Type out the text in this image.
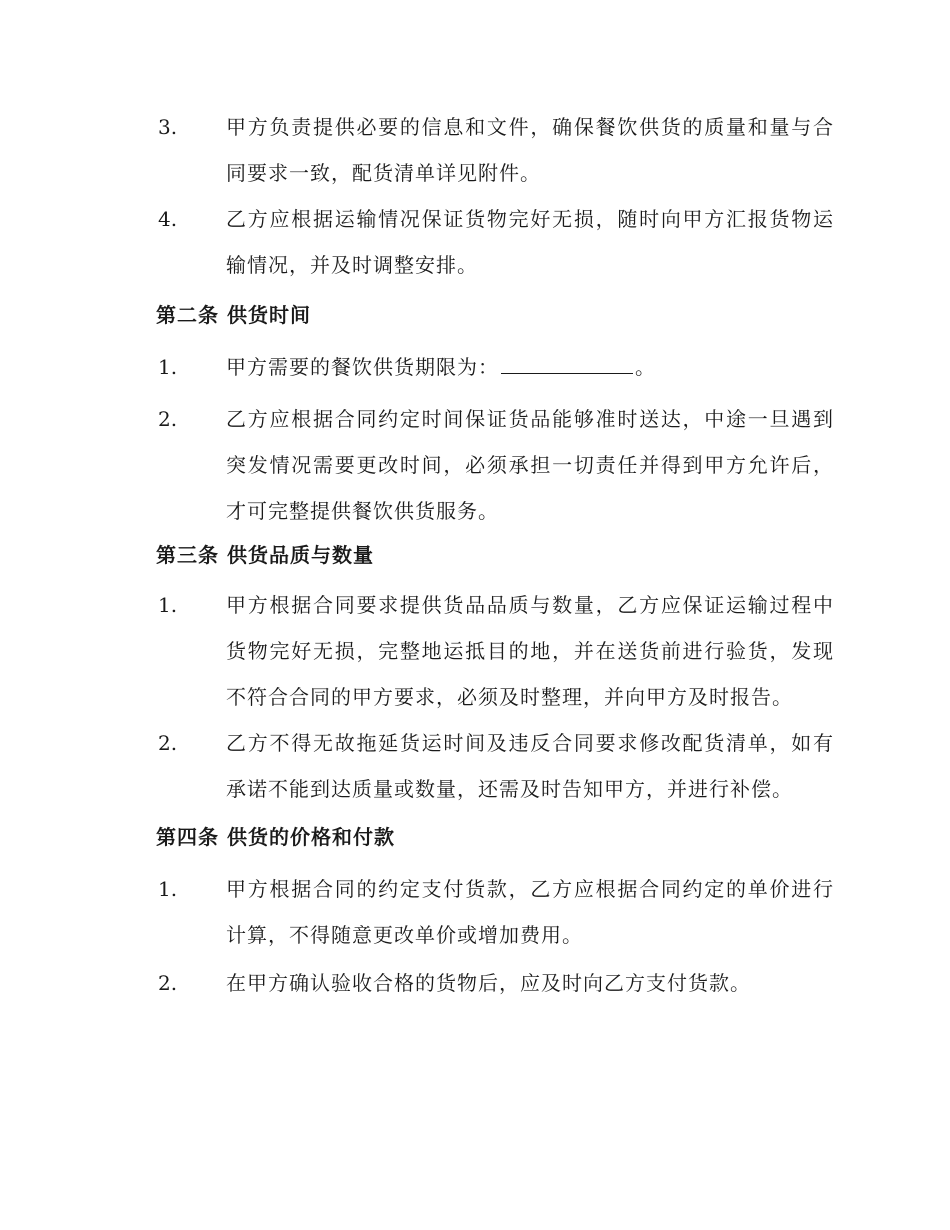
3.	甲方负责提供必要的信息和文件，确保餐饮供货的质量和量与合同要求一致，配货清单详见附件。
4.	乙方应根据运输情况保证货物完好无损，随时向甲方汇报货物运输情况，并及时调整安排。
第二条 供货时间
1.	甲方需要的餐饮供货期限为：	。
2.	乙方应根据合同约定时间保证货品能够准时送达，中途一旦遇到突发情况需要更改时间，必须承担一切责任并得到甲方允许后，才可完整提供餐饮供货服务。
第三条 供货品质与数量
1.	甲方根据合同要求提供货品品质与数量，乙方应保证运输过程中货物完好无损，完整地运抵目的地，并在送货前进行验货，发现不符合合同的甲方要求，必须及时整理，并向甲方及时报告。
2.	乙方不得无故拖延货运时间及违反合同要求修改配货清单，如有承诺不能到达质量或数量，还需及时告知甲方，并进行补偿。
第四条 供货的价格和付款
1.	甲方根据合同的约定支付货款，乙方应根据合同约定的单价进行计算，不得随意更改单价或增加费用。
2.	在甲方确认验收合格的货物后，应及时向乙方支付货款。
